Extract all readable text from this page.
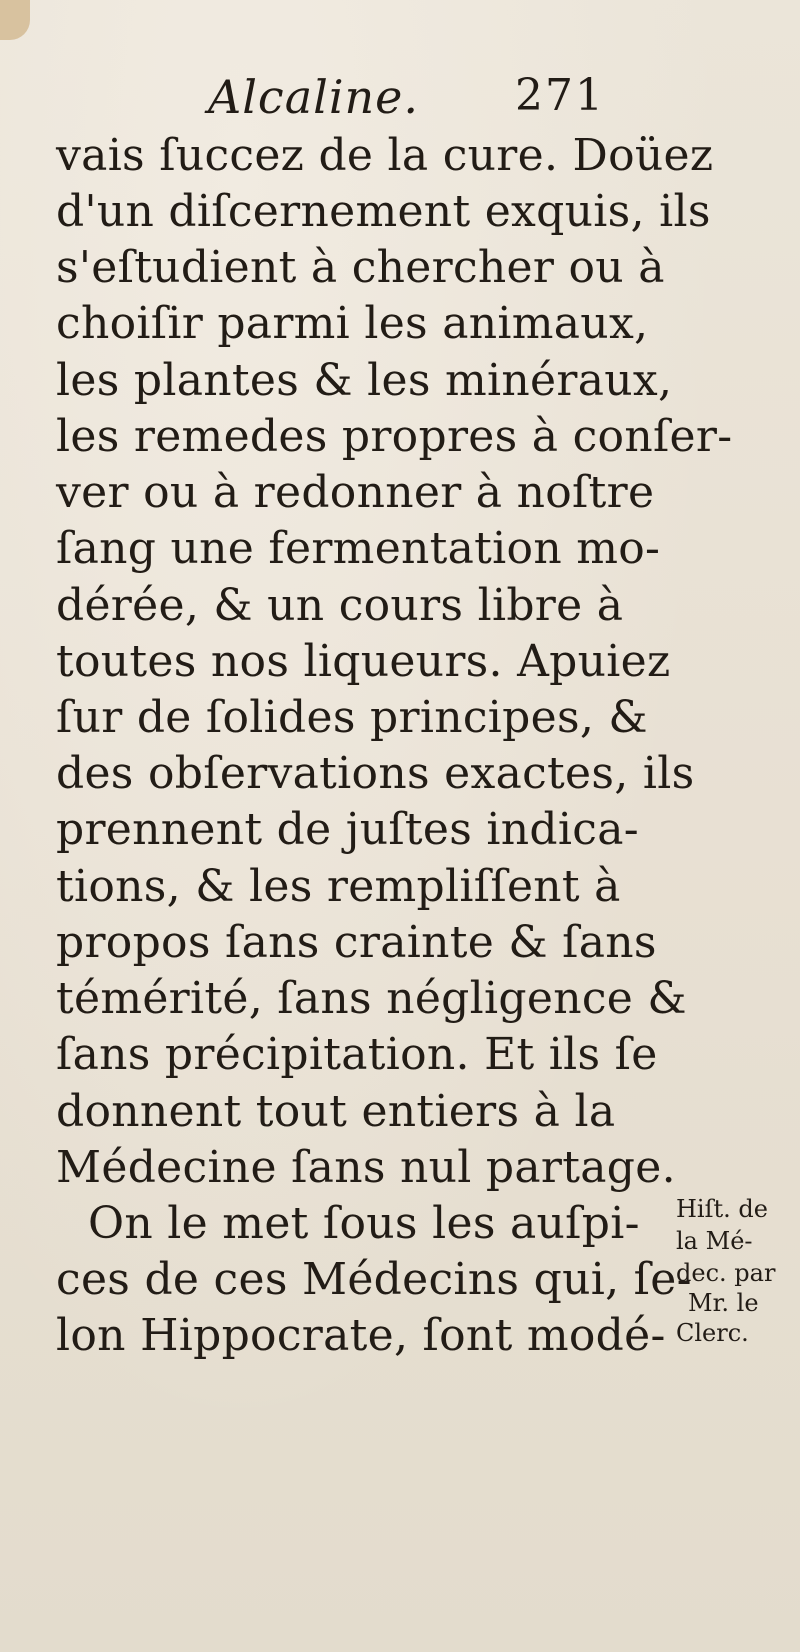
Alcaline. 271
vais ſuccez de la cure. Doüez
d'un diſcernement exquis, ils
s'eſtudient à chercher ou à
choiſir parmi les animaux,
les plantes & les minéraux,
les remedes propres à conſer-
ver ou à redonner à noſtre
ſang une fermentation mo-
dérée, & un cours libre à
toutes nos liqueurs. Apuiez
ſur de ſolides principes, &
des obſervations exactes, ils
prennent de juſtes indica-
tions, & les rempliſſent à
propos ſans crainte & ſans
témérité, ſans négligence &
ſans précipitation. Et ils ſe
donnent tout entiers à la
Médecine ſans nul partage.
On le met ſous les auſpi-
ces de ces Médecins qui, ſe-
lon Hippocrate, ſont modé-
Hiſt. de
la Mé-
dec. par
Mr. le
Clerc.
